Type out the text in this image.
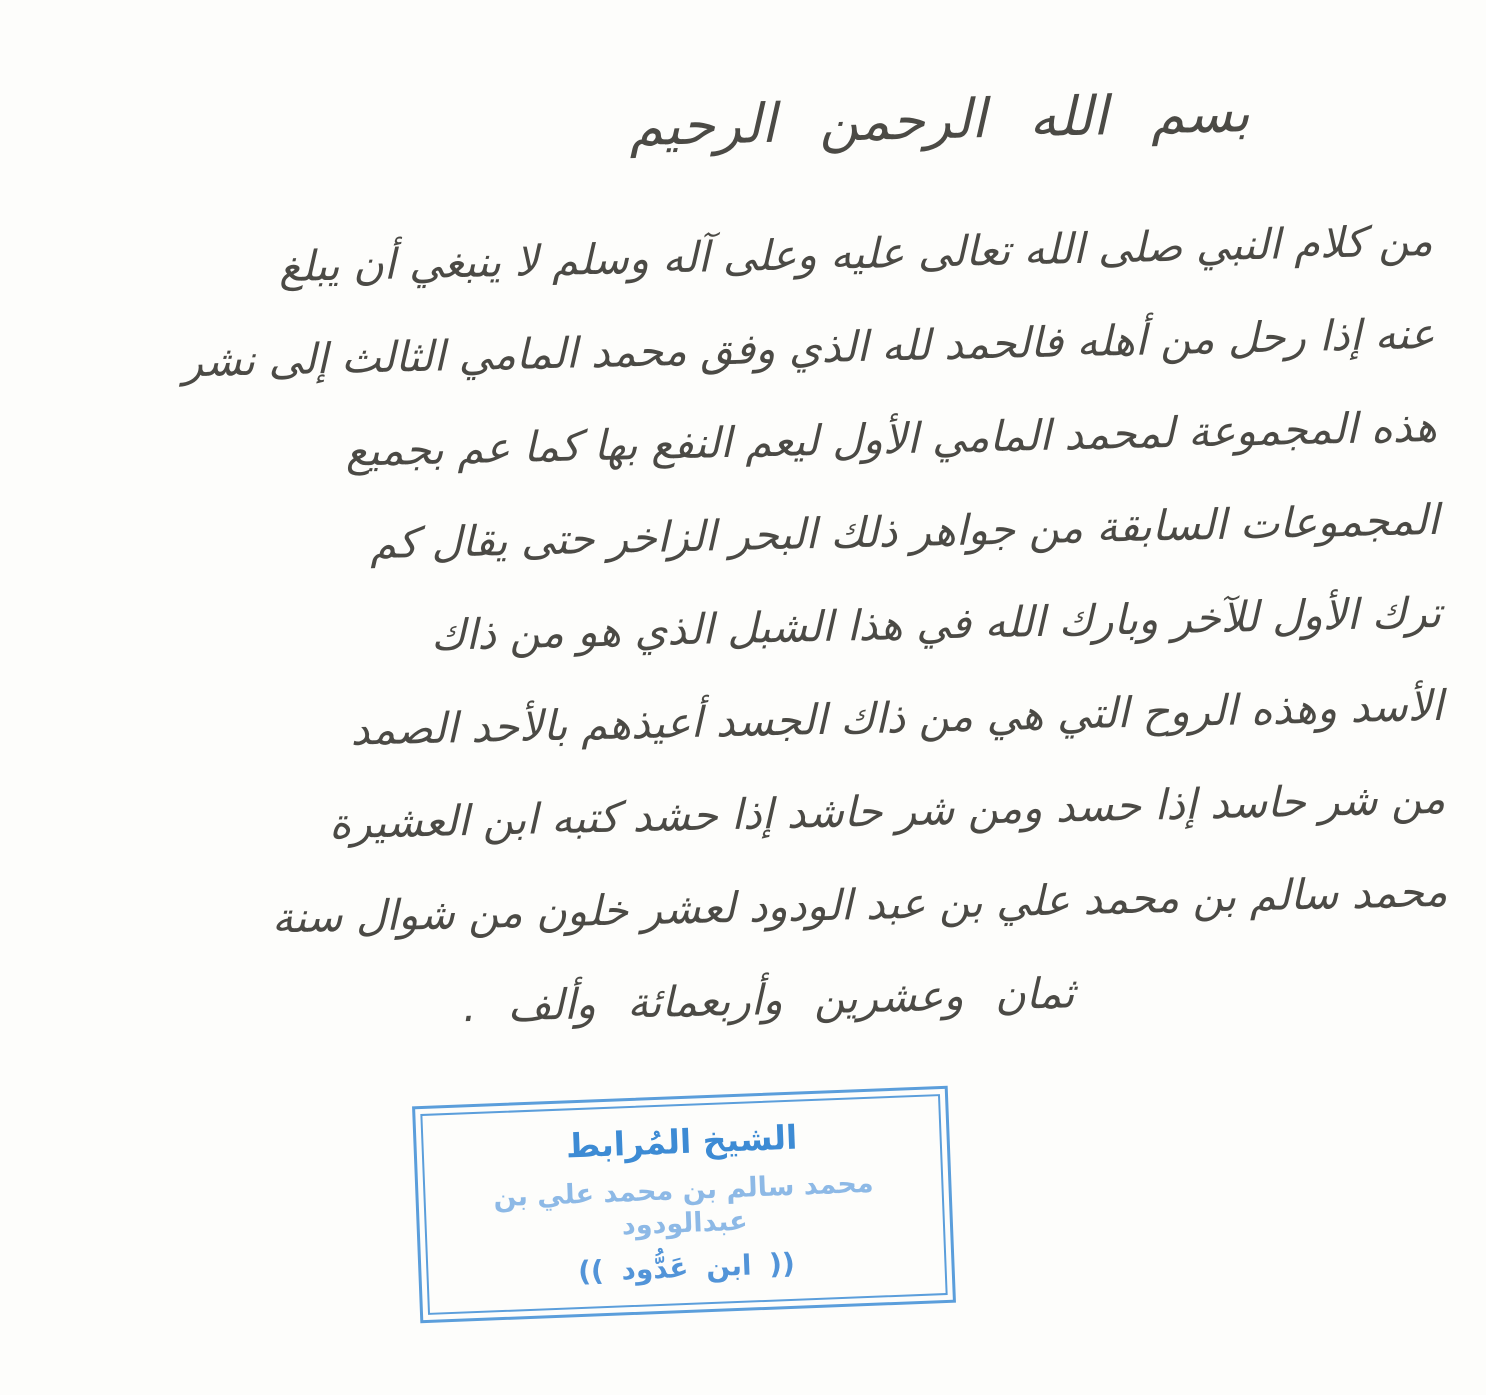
بسم الله الرحمن الرحيم
من كلام النبي صلى الله تعالى عليه وعلى آله وسلم لا ينبغي أن يبلغ
عنه إذا رحل من أهله فالحمد لله الذي وفق محمد المامي الثالث إلى نشر
هذه المجموعة لمحمد المامي الأول ليعم النفع بها كما عم بجميع
المجموعات السابقة من جواهر ذلك البحر الزاخر حتى يقال كم
ترك الأول للآخر وبارك الله في هذا الشبل الذي هو من ذاك
الأسد وهذه الروح التي هي من ذاك الجسد أعيذهم بالأحد الصمد
من شر حاسد إذا حسد ومن شر حاشد إذا حشد كتبه ابن العشيرة
محمد سالم بن محمد علي بن عبد الودود لعشر خلون من شوال سنة
ثمان وعشرين وأربعمائة وألف .
الشيخ المُرابط
محمد سالم بن محمد علي بن عبدالودود
(( ابن عَدُّود ))
